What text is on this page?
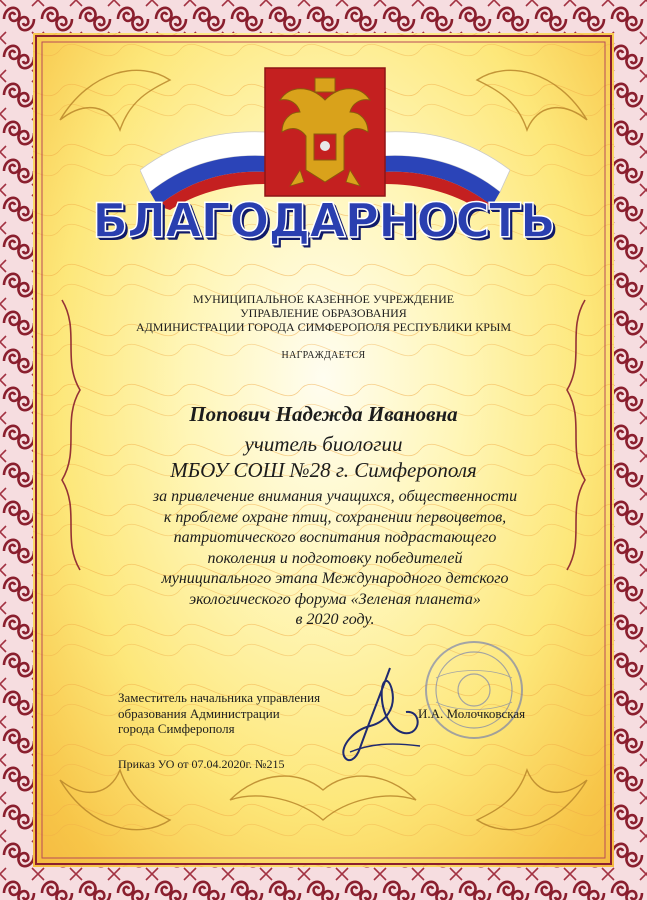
БЛАГОДАРНОСТЬ
МУНИЦИПАЛЬНОЕ КАЗЕННОЕ УЧРЕЖДЕНИЕ
УПРАВЛЕНИЕ ОБРАЗОВАНИЯ
АДМИНИСТРАЦИИ ГОРОДА СИМФЕРОПОЛЯ РЕСПУБЛИКИ КРЫМ
НАГРАЖДАЕТСЯ
Попович Надежда Ивановна
учитель биологии
МБОУ СОШ №28 г. Симферополя
за привлечение внимания учащихся, общественности
к проблеме охране птиц, сохранении первоцветов,
патриотического воспитания подрастающего
поколения и подготовку победителей
муниципального этапа Международного детского
экологического форума «Зеленая планета»
в 2020 году.
Заместитель начальника управления
образования Администрации
города Симферополя
И.А. Молочковская
Приказ УО от 07.04.2020г. №215
